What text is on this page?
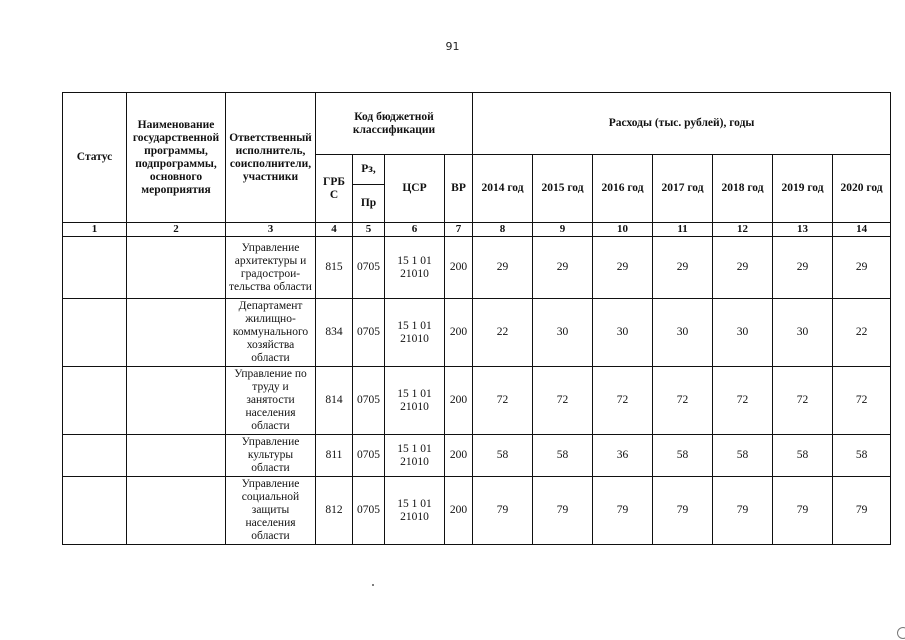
91
Статус	Наименование государственной программы, подпрограммы, основного мероприятия	Ответственный исполнитель, соисполнители, участники	Код бюджетной классификации				Расходы (тыс. рублей), годы						
			ГРБ С	Рз,	ЦСР	ВР	2014 год	2015 год	2016 год	2017 год	2018 год	2019 год	2020 год
				Пр									
1	2	3	4	5	6	7	8	9	10	11	12	13	14
		Управление архитектуры и градострои-тельства области	815	0705	15 1 01 21010	200	29	29	29	29	29	29	29
		Департамент жилищно-коммунального хозяйства области	834	0705	15 1 01 21010	200	22	30	30	30	30	30	22
		Управление по труду и занятости населения области	814	0705	15 1 01 21010	200	72	72	72	72	72	72	72
		Управление культуры области	811	0705	15 1 01 21010	200	58	58	36	58	58	58	58
		Управление социальной защиты населения области	812	0705	15 1 01 21010	200	79	79	79	79	79	79	79
